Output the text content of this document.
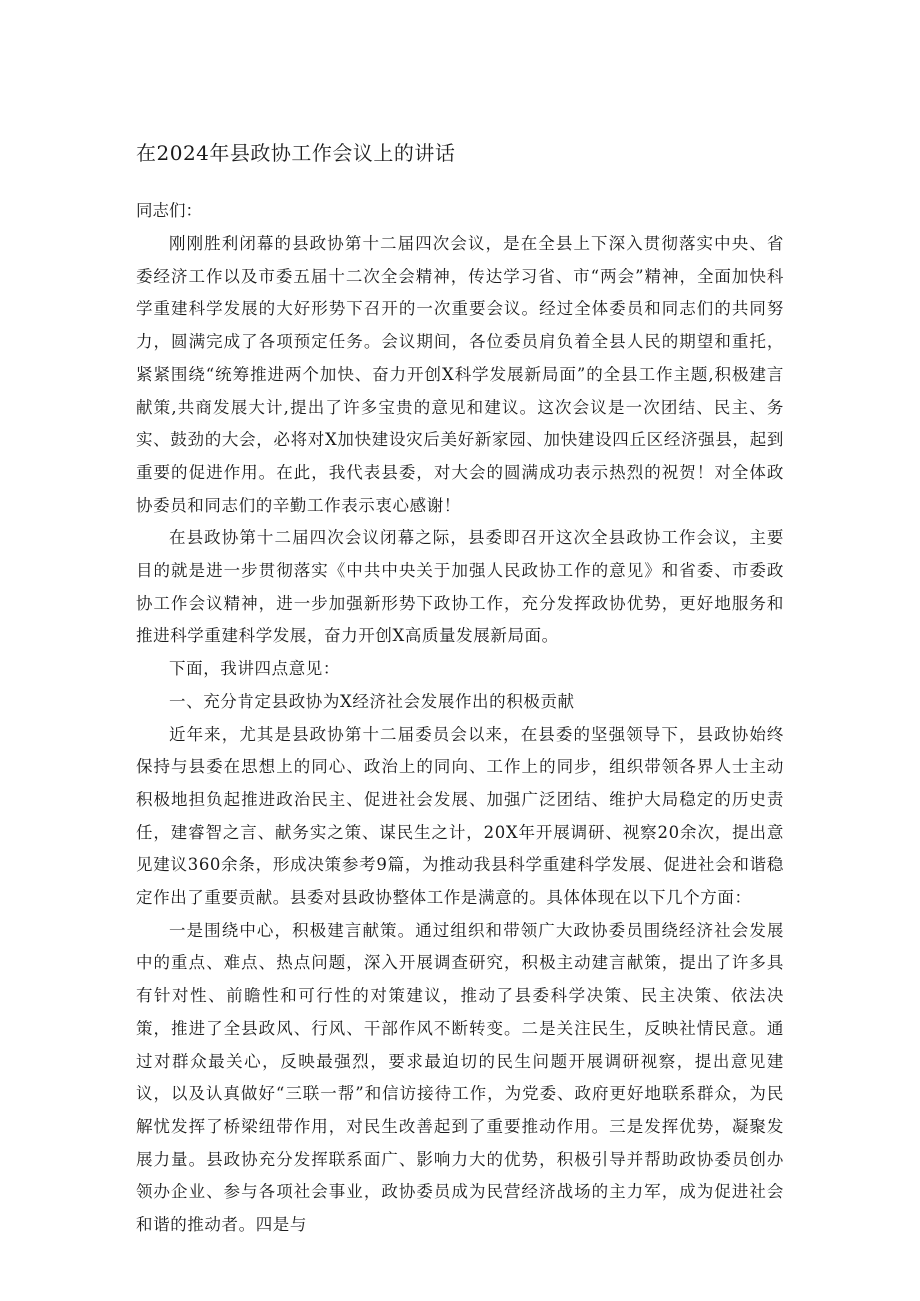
在2024年县政协工作会议上的讲话

同志们：

刚刚胜利闭幕的县政协第十二届四次会议，是在全县上下深入贯彻落实中央、省委经济工作以及市委五届十二次全会精神，传达学习省、市“两会”精神，全面加快科学重建科学发展的大好形势下召开的一次重要会议。经过全体委员和同志们的共同努力，圆满完成了各项预定任务。会议期间，各位委员肩负着全县人民的期望和重托，紧紧围绕“统筹推进两个加快、奋力开创X科学发展新局面”的全县工作主题,积极建言献策,共商发展大计,提出了许多宝贵的意见和建议。这次会议是一次团结、民主、务实、鼓劲的大会，必将对X加快建设灾后美好新家园、加快建设四丘区经济强县，起到重要的促进作用。在此，我代表县委，对大会的圆满成功表示热烈的祝贺！对全体政协委员和同志们的辛勤工作表示衷心感谢！

在县政协第十二届四次会议闭幕之际，县委即召开这次全县政协工作会议，主要目的就是进一步贯彻落实《中共中央关于加强人民政协工作的意见》和省委、市委政协工作会议精神，进一步加强新形势下政协工作，充分发挥政协优势，更好地服务和推进科学重建科学发展，奋力开创X高质量发展新局面。

下面，我讲四点意见：

一、充分肯定县政协为X经济社会发展作出的积极贡献

近年来，尤其是县政协第十二届委员会以来，在县委的坚强领导下，县政协始终保持与县委在思想上的同心、政治上的同向、工作上的同步，组织带领各界人士主动积极地担负起推进政治民主、促进社会发展、加强广泛团结、维护大局稳定的历史责任，建睿智之言、献务实之策、谋民生之计，20X年开展调研、视察20余次，提出意见建议360余条，形成决策参考9篇，为推动我县科学重建科学发展、促进社会和谐稳定作出了重要贡献。县委对县政协整体工作是满意的。具体体现在以下几个方面：

一是围绕中心，积极建言献策。通过组织和带领广大政协委员围绕经济社会发展中的重点、难点、热点问题，深入开展调查研究，积极主动建言献策，提出了许多具有针对性、前瞻性和可行性的对策建议，推动了县委科学决策、民主决策、依法决策，推进了全县政风、行风、干部作风不断转变。二是关注民生，反映社情民意。通过对群众最关心，反映最强烈，要求最迫切的民生问题开展调研视察，提出意见建议，以及认真做好“三联一帮”和信访接待工作，为党委、政府更好地联系群众，为民解忧发挥了桥梁纽带作用，对民生改善起到了重要推动作用。三是发挥优势，凝聚发展力量。县政协充分发挥联系面广、影响力大的优势，积极引导并帮助政协委员创办领办企业、参与各项社会事业，政协委员成为民营经济战场的主力军，成为促进社会和谐的推动者。四是与
